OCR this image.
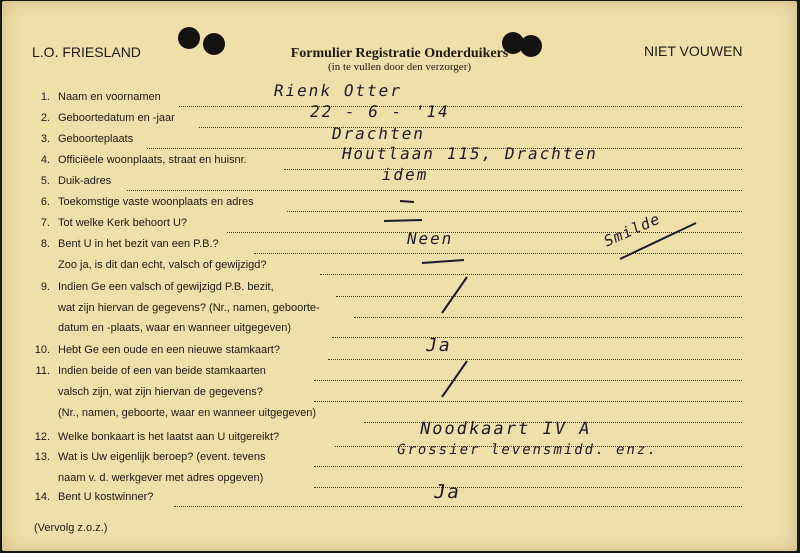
L.O. FRIESLAND	NIET VOUWEN
Formulier Registratie Onderduikers
(in te vullen door den verzorger)
1. Naam en voornamen
2. Geboortedatum en -jaar
3. Geboorteplaats
4. Officiëele woonplaats, straat en huisnr.
5. Duik-adres
6. Toekomstige vaste woonplaats en adres
7. Tot welke Kerk behoort U?
8. Bent U in het bezit van een P.B.?
Zoo ja, is dit dan echt, valsch of gewijzigd?
9. Indien Ge een valsch of gewijzigd P.B. bezit,
wat zijn hiervan de gegevens? (Nr., namen, geboorte-
datum en -plaats, waar en wanneer uitgegeven)
10. Hebt Ge een oude en een nieuwe stamkaart?
11. Indien beide of een van beide stamkaarten
valsch zijn, wat zijn hiervan de gegevens?
(Nr., namen, geboorte, waar en wanneer uitgegeven)
12. Welke bonkaart is het laatst aan U uitgereikt?
13. Wat is Uw eigenlijk beroep? (event. tevens
naam v. d. werkgever met adres opgeven)
14. Bent U kostwinner?
Rienk Otter
22 - 6 - '14
Drachten
Houtlaan 115, Drachten
idem
Neen
Ja
Noodkaart IV A
Grossier levensmidd. enz.
Ja
Smilde
(Vervolg z.o.z.)
